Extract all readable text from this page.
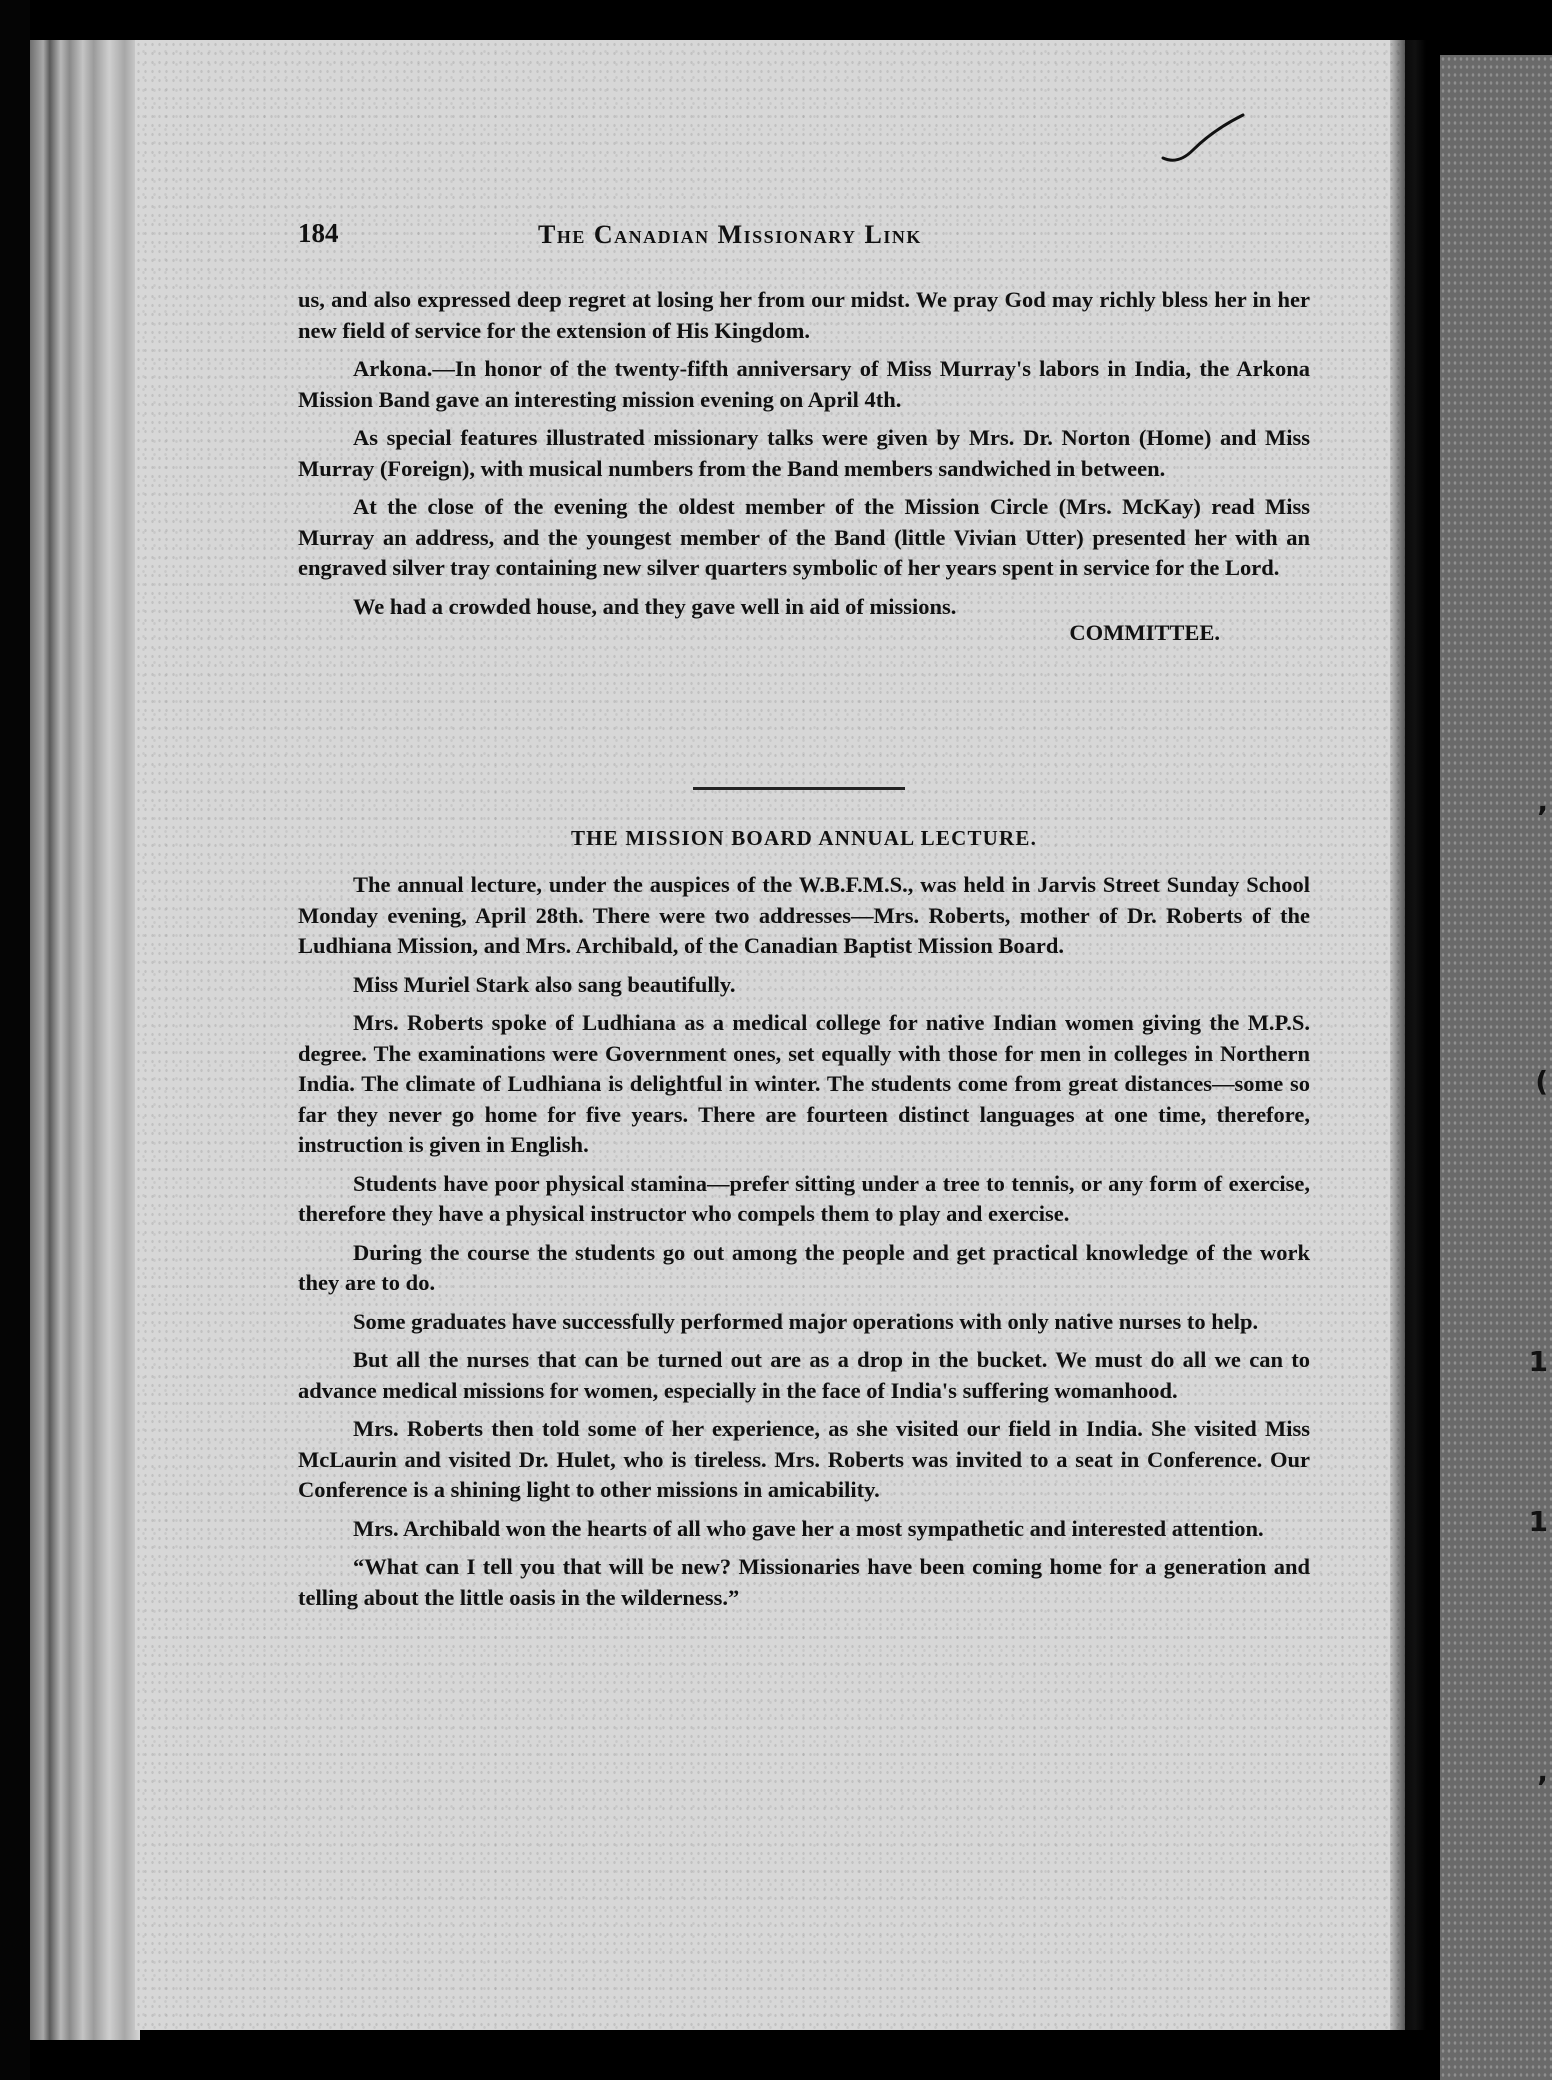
,
(
1
1
,
184	The Canadian Missionary Link

us, and also expressed deep regret at losing her from our midst. We pray God may richly bless her in her new field of service for the extension of His Kingdom.

Arkona.—In honor of the twenty-fifth anniversary of Miss Murray's labors in India, the Arkona Mission Band gave an interesting mission evening on April 4th.

As special features illustrated missionary talks were given by Mrs. Dr. Norton (Home) and Miss Murray (Foreign), with musical numbers from the Band members sandwiched in between.

At the close of the evening the oldest member of the Mission Circle (Mrs. McKay) read Miss Murray an address, and the youngest member of the Band (little Vivian Utter) presented her with an engraved silver tray containing new silver quarters symbolic of her years spent in service for the Lord.

We had a crowded house, and they gave well in aid of missions.

COMMITTEE.
THE MISSION BOARD ANNUAL LECTURE.

The annual lecture, under the auspices of the W.B.F.M.S., was held in Jarvis Street Sunday School Monday evening, April 28th. There were two addresses—Mrs. Roberts, mother of Dr. Roberts of the Ludhiana Mission, and Mrs. Archibald, of the Canadian Baptist Mission Board.

Miss Muriel Stark also sang beautifully.

Mrs. Roberts spoke of Ludhiana as a medical college for native Indian women giving the M.P.S. degree. The examinations were Government ones, set equally with those for men in colleges in Northern India. The climate of Ludhiana is delightful in winter. The students come from great distances—some so far they never go home for five years. There are fourteen distinct languages at one time, therefore, instruction is given in English.

Students have poor physical stamina—prefer sitting under a tree to tennis, or any form of exercise, therefore they have a physical instructor who compels them to play and exercise.

During the course the students go out among the people and get practical knowledge of the work they are to do.

Some graduates have successfully performed major operations with only native nurses to help.

But all the nurses that can be turned out are as a drop in the bucket. We must do all we can to advance medical missions for women, especially in the face of India's suffering womanhood.

Mrs. Roberts then told some of her experience, as she visited our field in India. She visited Miss McLaurin and visited Dr. Hulet, who is tireless. Mrs. Roberts was invited to a seat in Conference. Our Conference is a shining light to other missions in amicability.

Mrs. Archibald won the hearts of all who gave her a most sympathetic and interested attention.

“What can I tell you that will be new? Missionaries have been coming home for a generation and telling about the little oasis in the wilderness.”
